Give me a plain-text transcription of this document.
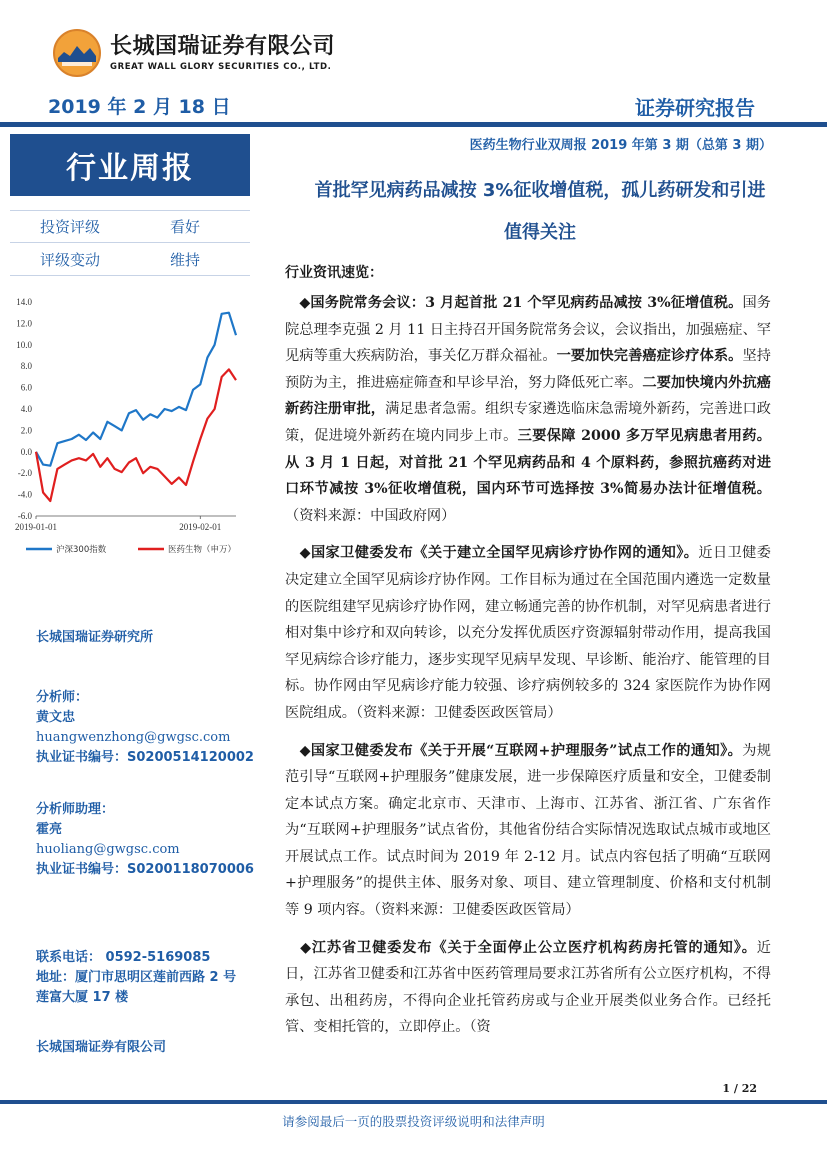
长城国瑞证券有限公司
GREAT WALL GLORY SECURITIES CO., LTD.
2019 年 2 月 18 日	证券研究报告
行业周报
投资评级	看好
评级变动	维持
-6.0
-4.0
-2.0
0.0
2.0
4.0
6.0
8.0
10.0
12.0
14.0
2019-01-01	2019-02-01
沪深300指数	医药生物（申万）
长城国瑞证券研究所
分析师：
黄文忠
huangwenzhong@gwgsc.com
执业证书编号：S0200514120002
分析师助理：
霍亮
huoliang@gwgsc.com
执业证书编号：S0200118070006
联系电话： 0592-5169085
地址：厦门市思明区莲前西路 2 号
莲富大厦 17 楼
长城国瑞证券有限公司
医药生物行业双周报 2019 年第 3 期（总第 3 期）
首批罕见病药品减按 3%征收增值税，孤儿药研发和引进
值得关注
行业资讯速览：

 ◆国务院常务会议：3 月起首批 21 个罕见病药品减按 3%征增值税。国务院总理李克强 2 月 11 日主持召开国务院常务会议，会议指出，加强癌症、罕见病等重大疾病防治，事关亿万群众福祉。一要加快完善癌症诊疗体系。坚持预防为主，推进癌症筛查和早诊早治，努力降低死亡率。二要加快境内外抗癌新药注册审批，满足患者急需。组织专家遴选临床急需境外新药，完善进口政策，促进境外新药在境内同步上市。三要保障 2000 多万罕见病患者用药。从 3 月 1 日起，对首批 21 个罕见病药品和 4 个原料药，参照抗癌药对进口环节减按 3%征收增值税，国内环节可选择按 3%简易办法计征增值税。（资料来源：中国政府网）

 ◆国家卫健委发布《关于建立全国罕见病诊疗协作网的通知》。近日卫健委决定建立全国罕见病诊疗协作网。工作目标为通过在全国范围内遴选一定数量的医院组建罕见病诊疗协作网，建立畅通完善的协作机制，对罕见病患者进行相对集中诊疗和双向转诊，以充分发挥优质医疗资源辐射带动作用，提高我国罕见病综合诊疗能力，逐步实现罕见病早发现、早诊断、能治疗、能管理的目标。协作网由罕见病诊疗能力较强、诊疗病例较多的 324 家医院作为协作网医院组成。（资料来源：卫健委医政医管局）

 ◆国家卫健委发布《关于开展“互联网+护理服务”试点工作的通知》。为规范引导“互联网+护理服务”健康发展，进一步保障医疗质量和安全，卫健委制定本试点方案。确定北京市、天津市、上海市、江苏省、浙江省、广东省作为“互联网+护理服务”试点省份，其他省份结合实际情况选取试点城市或地区开展试点工作。试点时间为 2019 年 2-12 月。试点内容包括了明确“互联网+护理服务”的提供主体、服务对象、项目、建立管理制度、价格和支付机制等 9 项内容。（资料来源：卫健委医政医管局）

 ◆江苏省卫健委发布《关于全面停止公立医疗机构药房托管的通知》。近日，江苏省卫健委和江苏省中医药管理局要求江苏省所有公立医疗机构，不得承包、出租药房，不得向企业托管药房或与企业开展类似业务合作。已经托管、变相托管的，立即停止。（资

1 / 22
请参阅最后一页的股票投资评级说明和法律声明
